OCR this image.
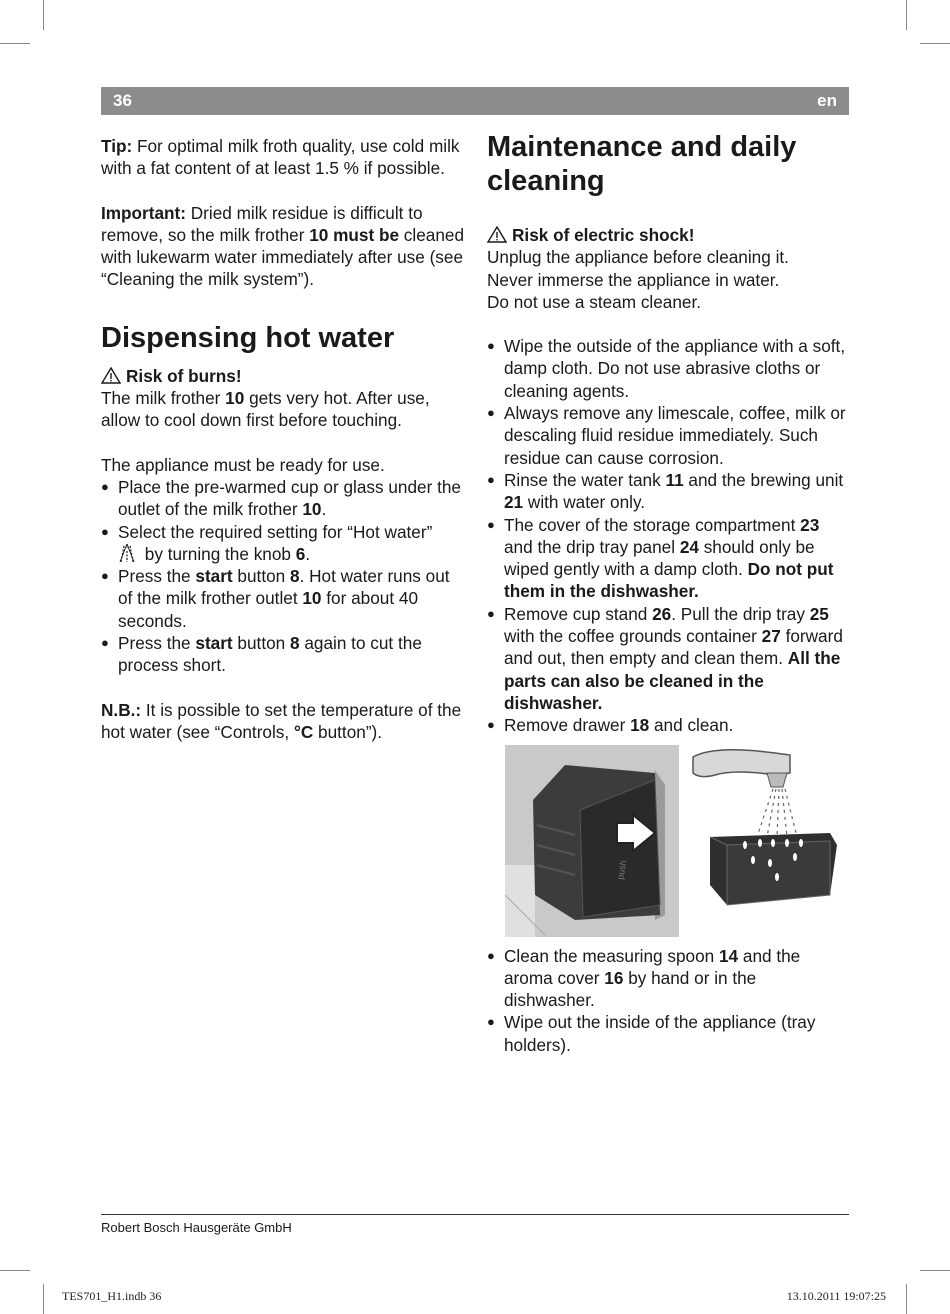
36	en

Tip: For optimal milk froth quality, use cold milk with a fat content of at least 1.5 % if possible.

Important: Dried milk residue is difficult to remove, so the milk frother 10 must be cleaned with lukewarm water immediately after use (see “Cleaning the milk system”).

Dispensing hot water

Risk of burns!

The milk frother 10 gets very hot. After use, allow to cool down first before touching.

The appliance must be ready for use.

● Place the pre-warmed cup or glass under the outlet of the milk frother 10.
● Select the required setting for “Hot water”
by turning the knob 6.
● Press the start button 8. Hot water runs out of the milk frother outlet 10 for about 40 seconds.
● Press the start button 8 again to cut the process short.

N.B.: It is possible to set the temperature of the hot water (see “Controls, °C button”).

Maintenance and daily cleaning

Risk of electric shock!

Unplug the appliance before cleaning it.

Never immerse the appliance in water.

Do not use a steam cleaner.

● Wipe the outside of the appliance with a soft, damp cloth. Do not use abrasive cloths or cleaning agents.
● Always remove any limescale, coffee, milk or descaling fluid residue immediately. Such residue can cause corrosion.
● Rinse the water tank 11 and the brewing unit 21 with water only.
● The cover of the storage compartment 23 and the drip tray panel 24 should only be wiped gently with a damp cloth. Do not put them in the dishwasher.
● Remove cup stand 26. Pull the drip tray 25 with the coffee grounds container 27 forward and out, then empty and clean them. All the parts can also be cleaned in the dishwasher.
● Remove drawer 18 and clean.
push
● Clean the measuring spoon 14 and the aroma cover 16 by hand or in the dishwasher.
● Wipe out the inside of the appliance (tray holders).
Robert Bosch Hausgeräte GmbH
TES701_H1.indb 36	13.10.2011 19:07:25
